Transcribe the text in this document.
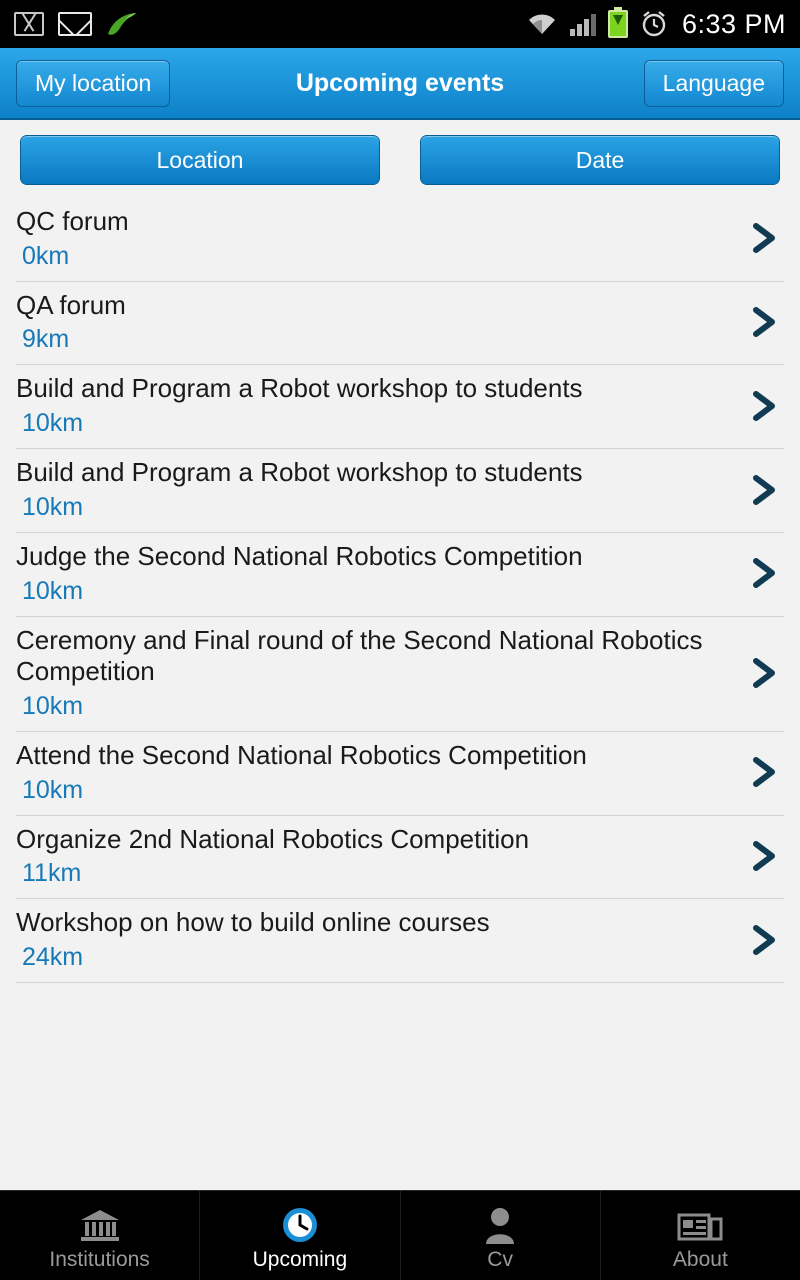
6:33 PM
My location	Upcoming events	Language
Location	Date
QC forum
0km
QA forum
9km
Build and Program a Robot workshop to students
10km
Build and Program a Robot workshop to students
10km
Judge the Second National Robotics Competition
10km
Ceremony and Final round of the Second National Robotics Competition
10km
Attend the Second National Robotics Competition
10km
Organize 2nd National Robotics Competition
11km
Workshop on how to build online courses
24km
Institutions	Upcoming	Cv	About
